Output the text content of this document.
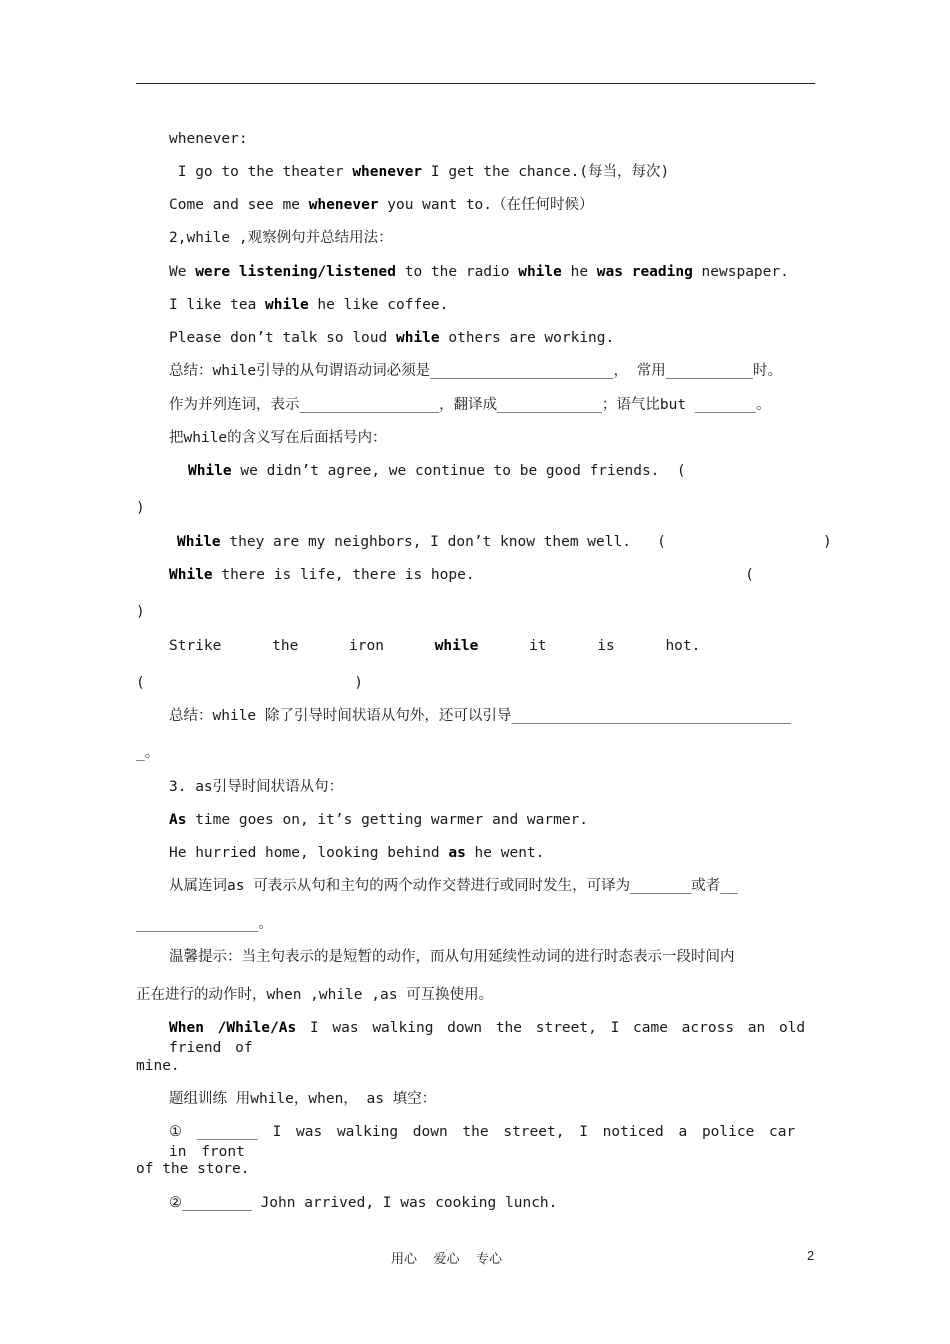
whenever:
I go to the theater whenever I get the chance.(每当，每次)
Come and see me whenever you want to.（在任何时候）
2,while ,观察例句并总结用法：
We were listening/listened to the radio while he was reading newspaper.
I like tea while he like coffee.
Please don’t talk so loud while others are working.
总结：while引导的从句谓语动词必须是_____________________， 常用__________时。
作为并列连词，表示________________，翻译成____________；语气比but _______。
把while的含义写在后面括号内：
While we didn’t agree, we continue to be good friends.  (
)
While they are my neighbors, I don’t know them well.   (                  )
While there is life, there is hope.                               (
)
Strike the iron while it is hot.
(                        )
总结：while 除了引导时间状语从句外，还可以引导________________________________
_。
3. as引导时间状语从句：
As time goes on, it’s getting warmer and warmer.
He hurried home, looking behind as he went.
从属连词as 可表示从句和主句的两个动作交替进行或同时发生，可译为_______或者__
______________。
温馨提示：当主句表示的是短暂的动作，而从句用延续性动词的进行时态表示一段时间内
正在进行的动作时，when ,while ,as 可互换使用。
When /While/As I was walking down the street, I came across an old friend of
mine.
题组训练 用while，when， as 填空：
① _______ I was walking down the street, I noticed a police car in front
of the store.
②________ John arrived, I was cooking lunch.
用心    爱心    专心	2
